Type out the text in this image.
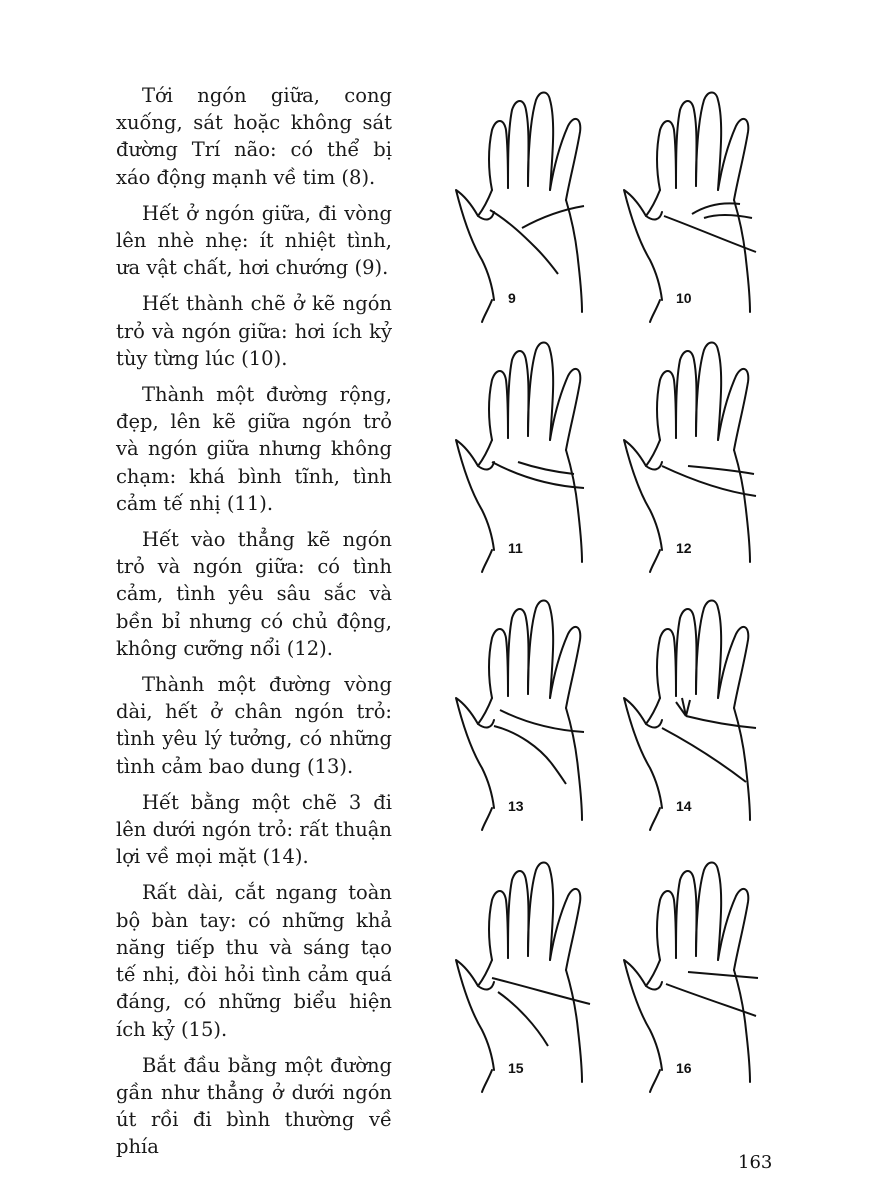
Tới ngón giữa, cong xuống, sát hoặc không sát đường Trí não: có thể bị xáo động mạnh về tim (8).

Hết ở ngón giữa, đi vòng lên nhè nhẹ: ít nhiệt tình, ưa vật chất, hơi chướng (9).

Hết thành chẽ ở kẽ ngón trỏ và ngón giữa: hơi ích kỷ tùy từng lúc (10).

Thành một đường rộng, đẹp, lên kẽ giữa ngón trỏ và ngón giữa nhưng không chạm: khá bình tĩnh, tình cảm tế nhị (11).

Hết vào thẳng kẽ ngón trỏ và ngón giữa: có tình cảm, tình yêu sâu sắc và bền bỉ nhưng có chủ động, không cưỡng nổi (12).

Thành một đường vòng dài, hết ở chân ngón trỏ: tình yêu lý tưởng, có những tình cảm bao dung (13).

Hết bằng một chẽ 3 đi lên dưới ngón trỏ: rất thuận lợi về mọi mặt (14).

Rất dài, cắt ngang toàn bộ bàn tay: có những khả năng tiếp thu và sáng tạo tế nhị, đòi hỏi tình cảm quá đáng, có những biểu hiện ích kỷ (15).

Bắt đầu bằng một đường gần như thẳng ở dưới ngón út rồi đi bình thường về phía

9	10
11	12
13	14
15	16
163
